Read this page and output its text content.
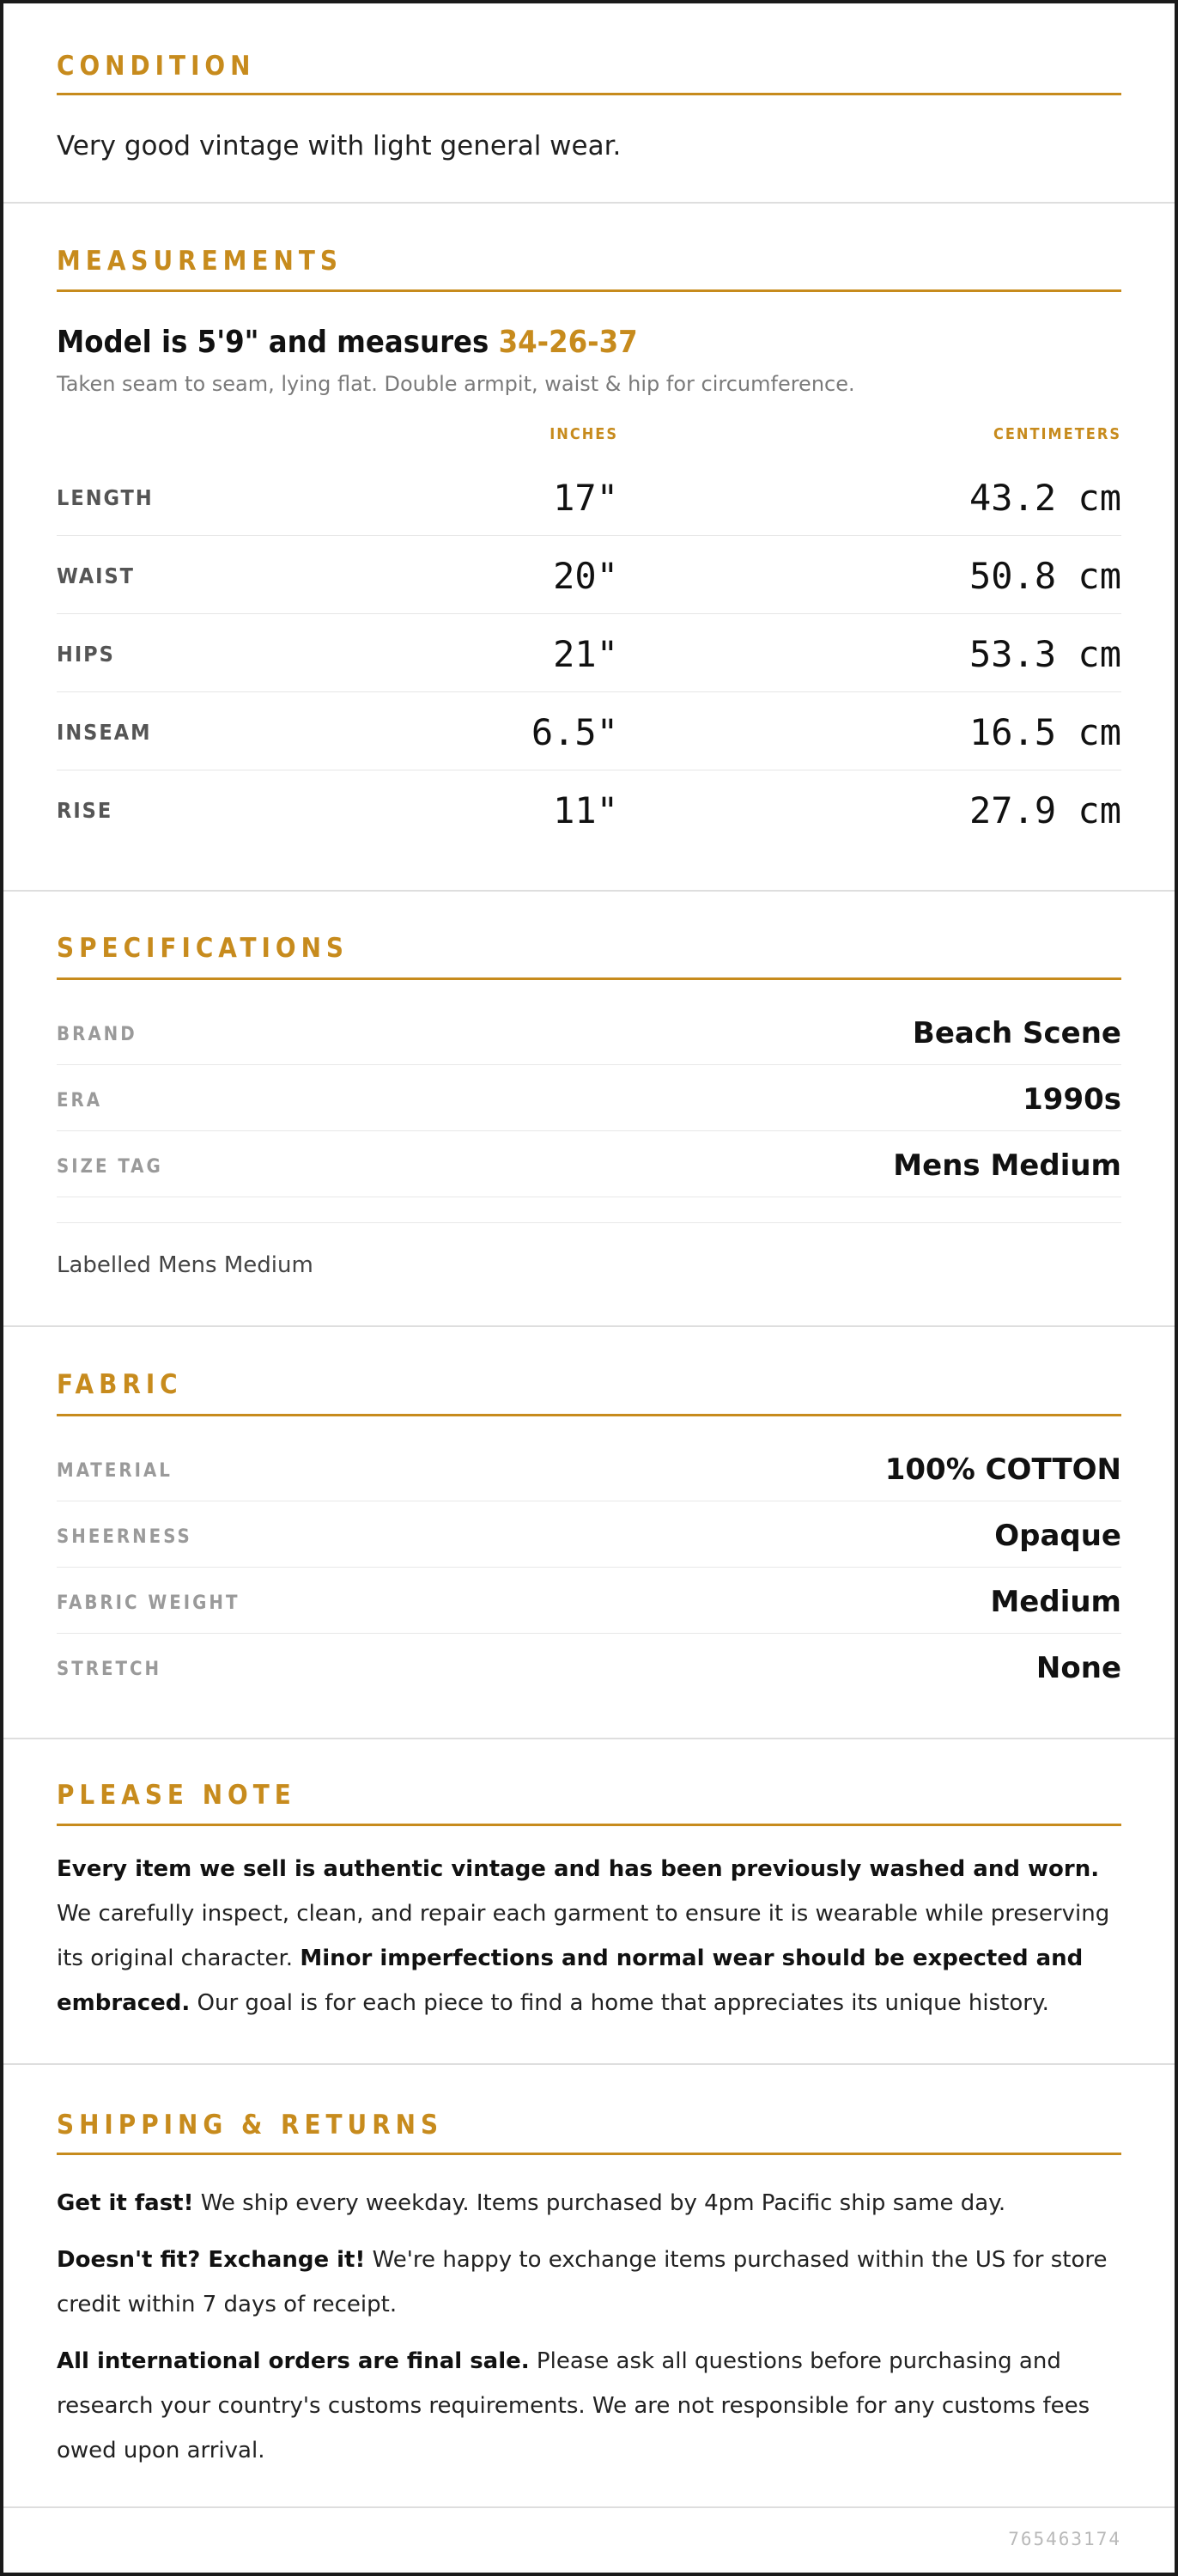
CONDITION

Very good vintage with light general wear.

MEASUREMENTS
Model is 5'9" and measures 34-26-37

Taken seam to seam, lying flat. Double armpit, waist & hip for circumference.

INCHES	CENTIMETERS
LENGTH	17"	43.2 cm
WAIST	20"	50.8 cm
HIPS	21"	53.3 cm
INSEAM	6.5"	16.5 cm
RISE	11"	27.9 cm
SPECIFICATIONS
BRAND	Beach Scene
ERA	1990s
SIZE TAG	Mens Medium

Labelled Mens Medium

FABRIC
MATERIAL	100% COTTON
SHEERNESS	Opaque
FABRIC WEIGHT	Medium
STRETCH	None
PLEASE NOTE

Every item we sell is authentic vintage and has been previously washed and worn. We carefully inspect, clean, and repair each garment to ensure it is wearable while preserving its original character. Minor imperfections and normal wear should be expected and embraced. Our goal is for each piece to find a home that appreciates its unique history.

SHIPPING & RETURNS

Get it fast! We ship every weekday. Items purchased by 4pm Pacific ship same day.

Doesn't fit? Exchange it! We're happy to exchange items purchased within the US for store credit within 7 days of receipt.

All international orders are final sale. Please ask all questions before purchasing and research your country's customs requirements. We are not responsible for any customs fees owed upon arrival.

765463174
